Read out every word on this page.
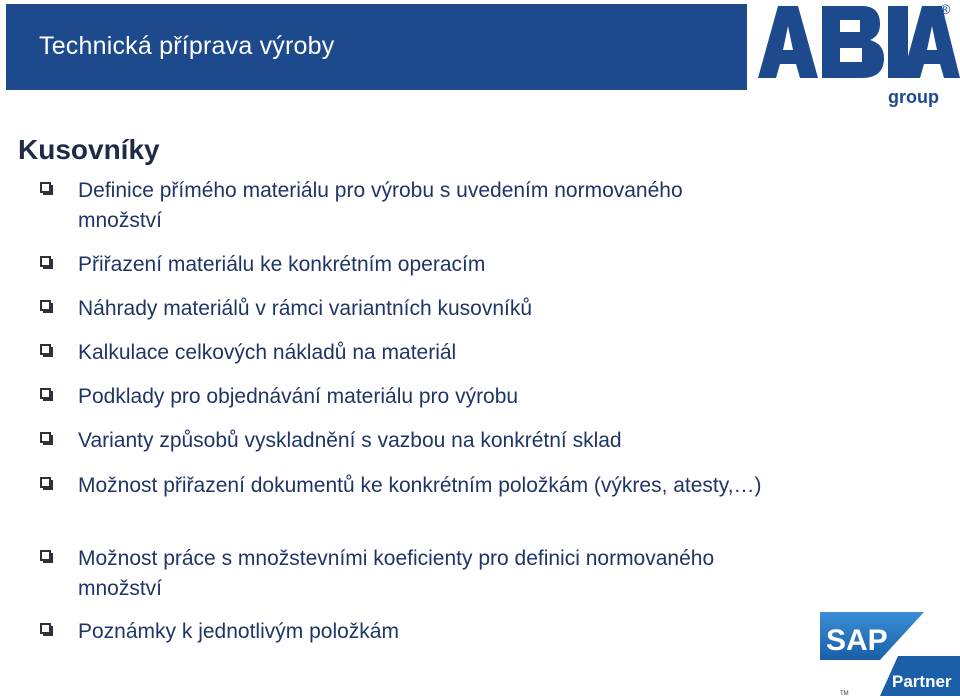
Technická příprava výroby
®
group
Kusovníky
Definice přímého materiálu pro výrobu s uvedením normovaného množství
Přiřazení materiálu ke konkrétním operacím
Náhrady materiálů v rámci variantních kusovníků
Kalkulace celkových nákladů na materiál
Podklady pro objednávání materiálu pro výrobu
Varianty způsobů vyskladnění s vazbou na konkrétní sklad
Možnost přiřazení dokumentů ke konkrétním položkám (výkres, atesty,…)
Možnost práce s množstevními koeficienty pro definici normovaného množství
Poznámky k jednotlivým položkám	SAP
Partner
TM
